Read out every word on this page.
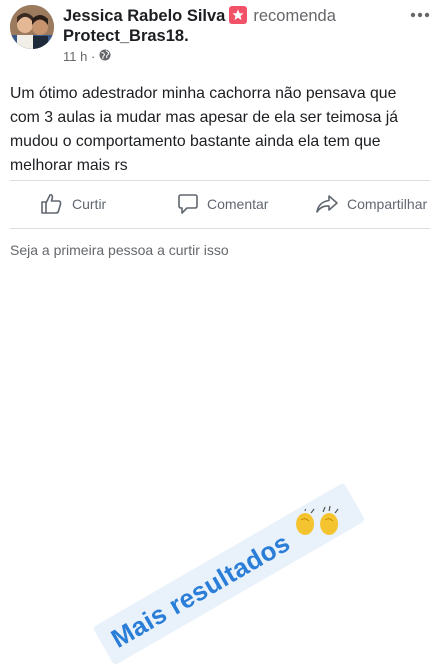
Jessica Rabelo Silva recomenda
Protect_Bras18.
11 h ·
Um ótimo adestrador minha cachorra não pensava que com 3 aulas ia mudar mas apesar de ela ser teimosa já mudou o comportamento bastante ainda ela tem que melhorar mais rs
Curtir	Comentar	Compartilhar
Seja a primeira pessoa a curtir isso
Mais resultados
